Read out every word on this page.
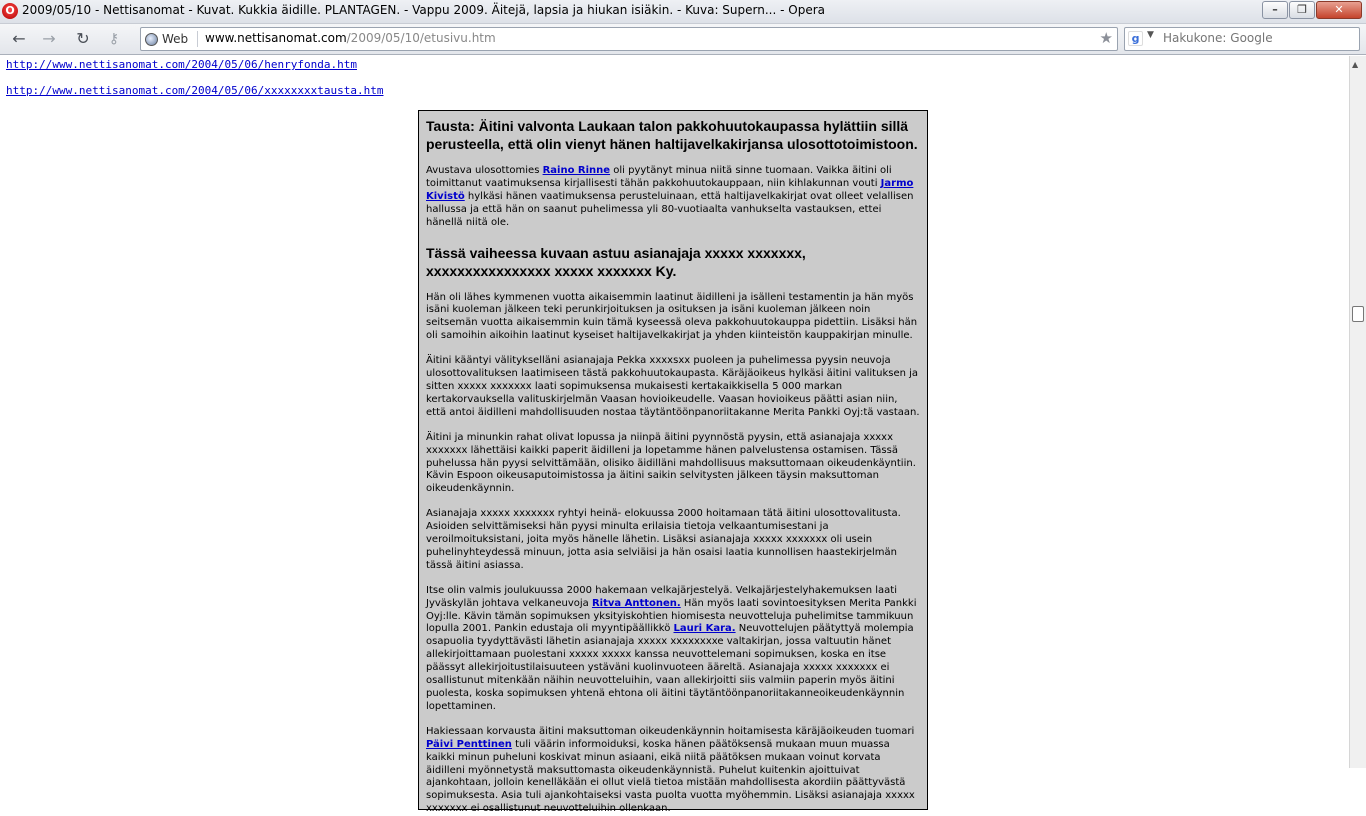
O 2009/05/10 - Nettisanomat - Kuvat. Kukkia äidille. PLANTAGEN. - Vappu 2009. Äitejä, lapsia ja hiukan isiäkin. - Kuva: Supern... - Opera	–	❐	✕
← → ↻	⚷	Web www.nettisanomat.com/2009/05/10/etusivu.htm	★	g ▼
Hakukone: Google
http://www.nettisanomat.com/2004/05/06/henryfonda.htm
http://www.nettisanomat.com/2004/05/06/xxxxxxxxtausta.htm
Tausta: Äitini valvonta Laukaan talon pakkohuutokaupassa hylättiin sillä perusteella, että olin vienyt hänen haltijavelkakirjansa ulosottotoimistoon.

Avustava ulosottomies Raino Rinne oli pyytänyt minua niitä sinne tuomaan. Vaikka äitini oli toimittanut vaatimuksensa kirjallisesti tähän pakkohuutokauppaan, niin kihlakunnan vouti Jarmo Kivistö hylkäsi hänen vaatimuksensa perusteluinaan, että haltijavelkakirjat ovat olleet velallisen hallussa ja että hän on saanut puhelimessa yli 80-vuotiaalta vanhukselta vastauksen, ettei hänellä niitä ole.

Tässä vaiheessa kuvaan astuu asianajaja xxxxx xxxxxxx, xxxxxxxxxxxxxxxx xxxxx xxxxxxx Ky.

Hän oli lähes kymmenen vuotta aikaisemmin laatinut äidilleni ja isälleni testamentin ja hän myös isäni kuoleman jälkeen teki perunkirjoituksen ja osituksen ja isäni kuoleman jälkeen noin seitsemän vuotta aikaisemmin kuin tämä kyseessä oleva pakkohuutokauppa pidettiin. Lisäksi hän oli samoihin aikoihin laatinut kyseiset haltijavelkakirjat ja yhden kiinteistön kauppakirjan minulle.

Äitini kääntyi välitykselläni asianajaja Pekka xxxxsxx puoleen ja puhelimessa pyysin neuvoja ulosottovalituksen laatimiseen tästä pakkohuutokaupasta. Käräjäoikeus hylkäsi äitini valituksen ja sitten xxxxx xxxxxxx laati sopimuksensa mukaisesti kertakaikkisella 5 000 markan kertakorvauksella valituskirjelmän Vaasan hovioikeudelle. Vaasan hovioikeus päätti asian niin, että antoi äidilleni mahdollisuuden nostaa täytäntöönpanoriitakanne Merita Pankki Oyj:tä vastaan.

Äitini ja minunkin rahat olivat lopussa ja niinpä äitini pyynnöstä pyysin, että asianajaja xxxxx xxxxxxx lähettäisi kaikki paperit äidilleni ja lopetamme hänen palvelustensa ostamisen. Tässä puhelussa hän pyysi selvittämään, olisiko äidilläni mahdollisuus maksuttomaan oikeudenkäyntiin. Kävin Espoon oikeusaputoimistossa ja äitini saikin selvitysten jälkeen täysin maksuttoman oikeudenkäynnin.

Asianajaja xxxxx xxxxxxx ryhtyi heinä- elokuussa 2000 hoitamaan tätä äitini ulosottovalitusta. Asioiden selvittämiseksi hän pyysi minulta erilaisia tietoja velkaantumisestani ja veroilmoituksistani, joita myös hänelle lähetin. Lisäksi asianajaja xxxxx xxxxxxx oli usein puhelinyhteydessä minuun, jotta asia selviäisi ja hän osaisi laatia kunnollisen haastekirjelmän tässä äitini asiassa.

Itse olin valmis joulukuussa 2000 hakemaan velkajärjestelyä. Velkajärjestelyhakemuksen laati Jyväskylän johtava velkaneuvoja Ritva Anttonen. Hän myös laati sovintoesityksen Merita Pankki Oyj:lle. Kävin tämän sopimuksen yksityiskohtien hiomisesta neuvotteluja puhelimitse tammikuun lopulla 2001. Pankin edustaja oli myyntipäällikkö Lauri Kara. Neuvottelujen päätyttyä molempia osapuolia tyydyttävästi lähetin asianajaja xxxxx xxxxxxxxe valtakirjan, jossa valtuutin hänet allekirjoittamaan puolestani xxxxx xxxxx kanssa neuvottelemani sopimuksen, koska en itse päässyt allekirjoitustilaisuuteen ystäväni kuolinvuoteen ääreltä. Asianajaja xxxxx xxxxxxx ei osallistunut mitenkään näihin neuvotteluihin, vaan allekirjoitti siis valmiin paperin myös äitini puolesta, koska sopimuksen yhtenä ehtona oli äitini täytäntöönpanoriitakanneoikeudenkäynnin lopettaminen.

Hakiessaan korvausta äitini maksuttoman oikeudenkäynnin hoitamisesta käräjäoikeuden tuomari Päivi Penttinen tuli väärin informoiduksi, koska hänen päätöksensä mukaan muun muassa kaikki minun puheluni koskivat minun asiaani, eikä niitä päätöksen mukaan voinut korvata äidilleni myönnetystä maksuttomasta oikeudenkäynnistä. Puhelut kuitenkin ajoittuivat ajankohtaan, jolloin kenelläkään ei ollut vielä tietoa mistään mahdollisesta akordiin päättyvästä sopimuksesta. Asia tuli ajankohtaiseksi vasta puolta vuotta myöhemmin. Lisäksi asianajaja xxxxx xxxxxxx ei osallistunut neuvotteluihin ollenkaan.

▲
